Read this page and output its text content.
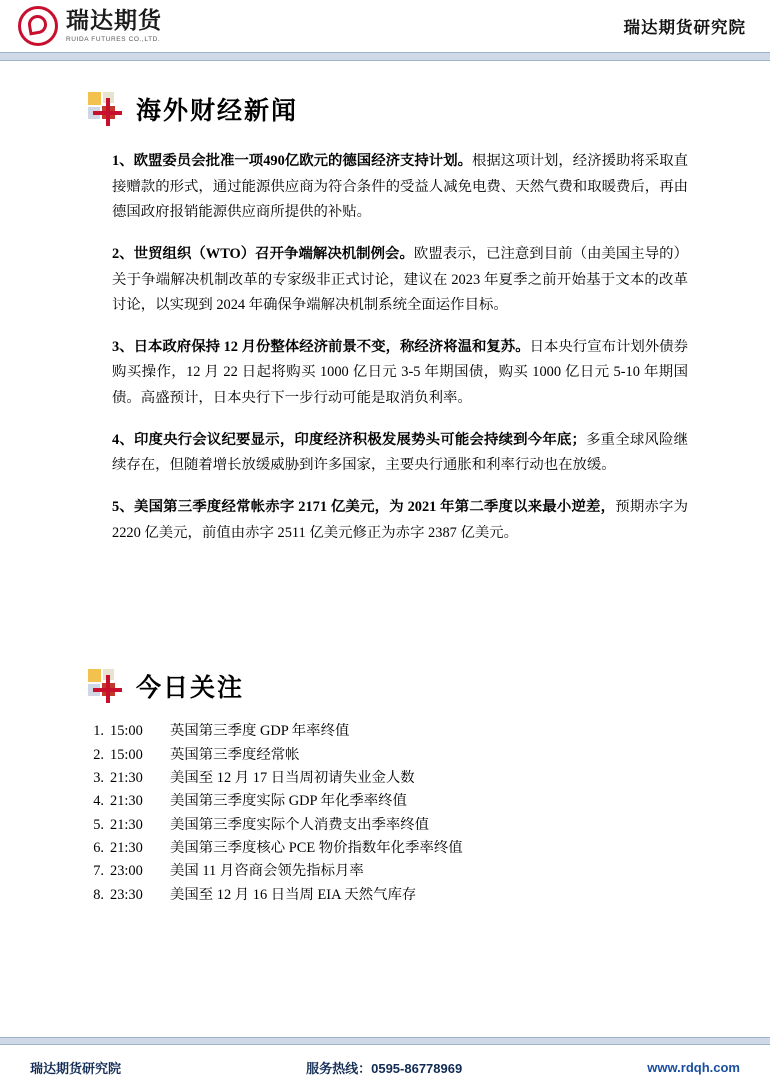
瑞达期货
RUIDA FUTURES CO.,LTD.
瑞达期货研究院
海外财经新闻

1、欧盟委员会批准一项490亿欧元的德国经济支持计划。根据这项计划，经济援助将采取直接赠款的形式，通过能源供应商为符合条件的受益人减免电费、天然气费和取暖费后，再由德国政府报销能源供应商所提供的补贴。

2、世贸组织（WTO）召开争端解决机制例会。欧盟表示，已注意到目前（由美国主导的）关于争端解决机制改革的专家级非正式讨论，建议在 2023 年夏季之前开始基于文本的改革讨论，以实现到 2024 年确保争端解决机制系统全面运作目标。

3、日本政府保持 12 月份整体经济前景不变，称经济将温和复苏。日本央行宣布计划外债券购买操作，12 月 22 日起将购买 1000 亿日元 3-5 年期国债，购买 1000 亿日元 5-10 年期国债。高盛预计，日本央行下一步行动可能是取消负利率。

4、印度央行会议纪要显示，印度经济积极发展势头可能会持续到今年底；多重全球风险继续存在，但随着增长放缓威胁到许多国家，主要央行通胀和利率行动也在放缓。

5、美国第三季度经常帐赤字 2171 亿美元，为 2021 年第二季度以来最小逆差，预期赤字为 2220 亿美元，前值由赤字 2511 亿美元修正为赤字 2387 亿美元。

今日关注
1. 15:00	英国第三季度 GDP 年率终值
2. 15:00	英国第三季度经常帐
3. 21:30	美国至 12 月 17 日当周初请失业金人数
4. 21:30	美国第三季度实际 GDP 年化季率终值
5. 21:30	美国第三季度实际个人消费支出季率终值
6. 21:30	美国第三季度核心 PCE 物价指数年化季率终值
7. 23:00	美国 11 月咨商会领先指标月率
8. 23:30	美国至 12 月 16 日当周 EIA 天然气库存
瑞达期货研究院	服务热线：0595-86778969	www.rdqh.com
